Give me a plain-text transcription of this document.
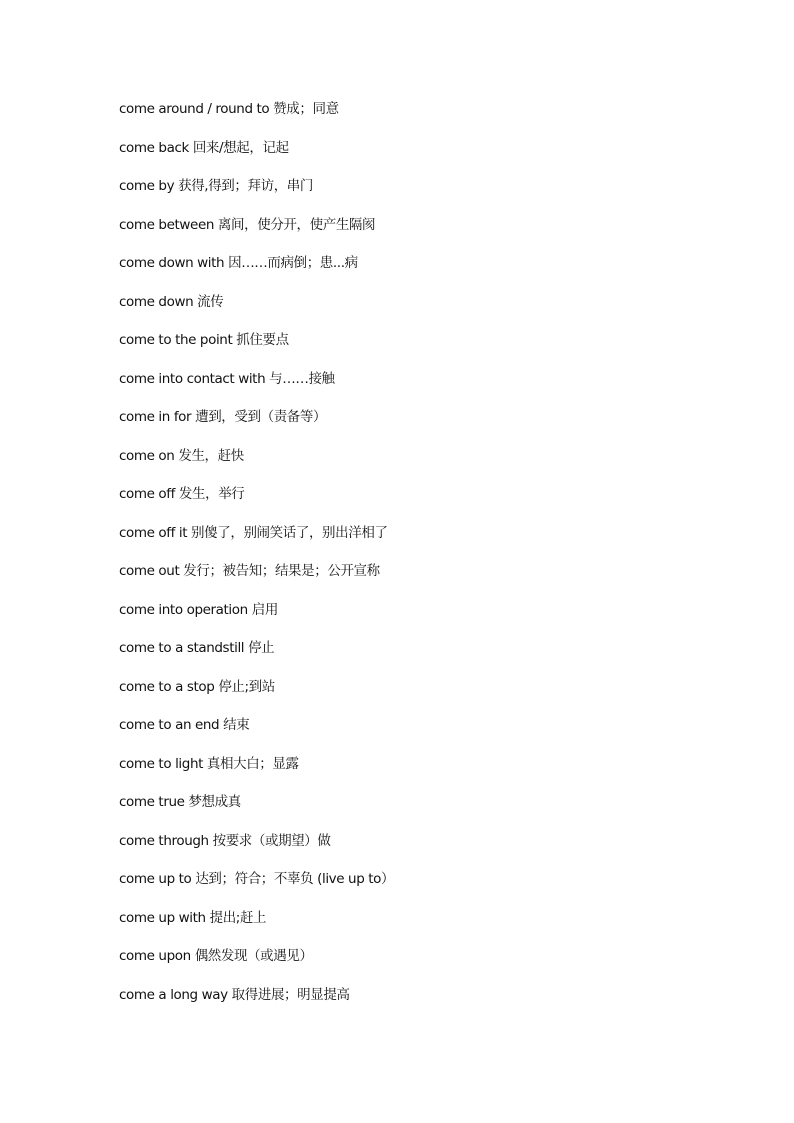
come around / round to 赞成；同意
come back 回来/想起，记起
come by 获得,得到；拜访，串门
come between 离间，使分开，使产生隔阂
come down with 因……而病倒；患...病
come down 流传
come to the point 抓住要点
come into contact with 与……接触
come in for 遭到，受到（责备等）
come on 发生，赶快
come off 发生，举行
come off it 别傻了，别闹笑话了，别出洋相了
come out 发行；被告知；结果是；公开宣称
come into operation 启用
come to a standstill 停止
come to a stop 停止;到站
come to an end 结束
come to light 真相大白；显露
come true 梦想成真
come through 按要求（或期望）做
come up to 达到；符合；不辜负 (live up to）
come up with 提出;赶上
come upon 偶然发现（或遇见）
come a long way 取得进展；明显提高
